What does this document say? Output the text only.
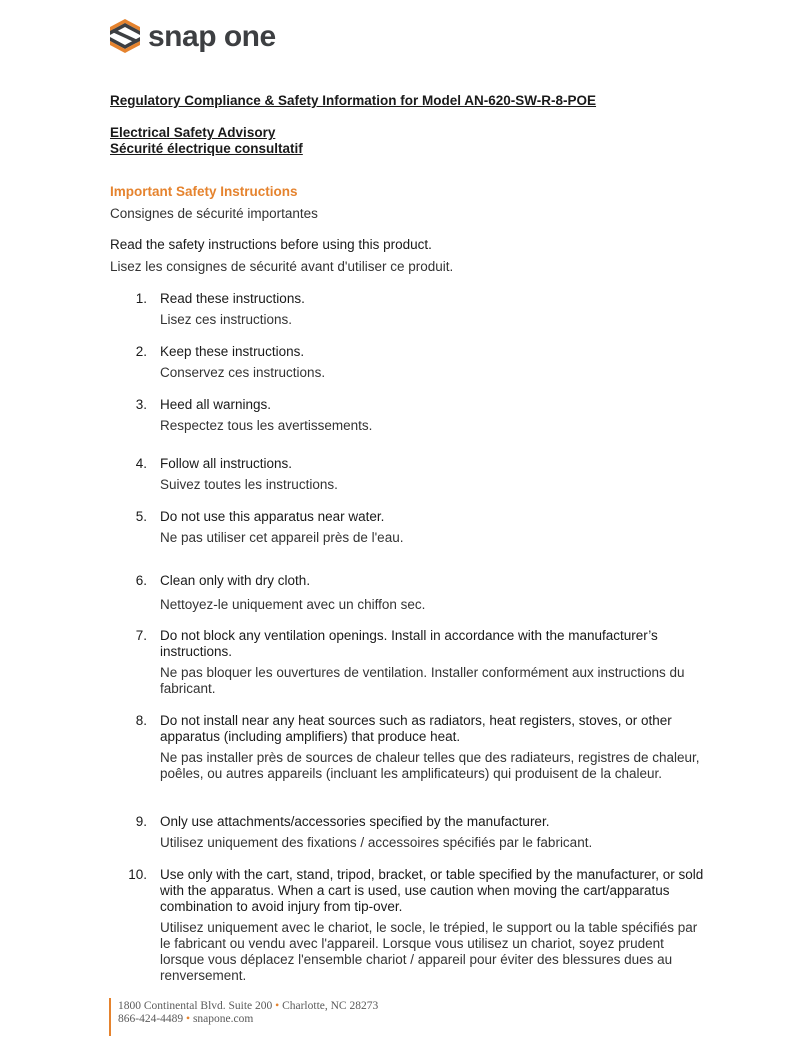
snap one
Regulatory Compliance & Safety Information for Model AN-620-SW-R-8-POE
Electrical Safety Advisory
Sécurité électrique consultatif
Important Safety Instructions
Consignes de sécurité importantes
Read the safety instructions before using this product.
Lisez les consignes de sécurité avant d'utiliser ce produit.
1. Read these instructions.
Lisez ces instructions.
2. Keep these instructions.
Conservez ces instructions.
3. Heed all warnings.
Respectez tous les avertissements.
4. Follow all instructions.
Suivez toutes les instructions.
5. Do not use this apparatus near water.
Ne pas utiliser cet appareil près de l'eau.
6. Clean only with dry cloth.
Nettoyez-le uniquement avec un chiffon sec.
7. Do not block any ventilation openings. Install in accordance with the manufacturer’s instructions.
Ne pas bloquer les ouvertures de ventilation. Installer conformément aux instructions du fabricant.
8. Do not install near any heat sources such as radiators, heat registers, stoves, or other apparatus (including amplifiers) that produce heat.
Ne pas installer près de sources de chaleur telles que des radiateurs, registres de chaleur, poêles, ou autres appareils (incluant les amplificateurs) qui produisent de la chaleur.
9. Only use attachments/accessories specified by the manufacturer.
Utilisez uniquement des fixations / accessoires spécifiés par le fabricant.
10. Use only with the cart, stand, tripod, bracket, or table specified by the manufacturer, or sold with the apparatus. When a cart is used, use caution when moving the cart/apparatus combination to avoid injury from tip-over.
Utilisez uniquement avec le chariot, le socle, le trépied, le support ou la table spécifiés par le fabricant ou vendu avec l'appareil. Lorsque vous utilisez un chariot, soyez prudent lorsque vous déplacez l'ensemble chariot / appareil pour éviter des blessures dues au renversement.
1800 Continental Blvd. Suite 200 • Charlotte, NC 28273
866-424-4489 • snapone.com
